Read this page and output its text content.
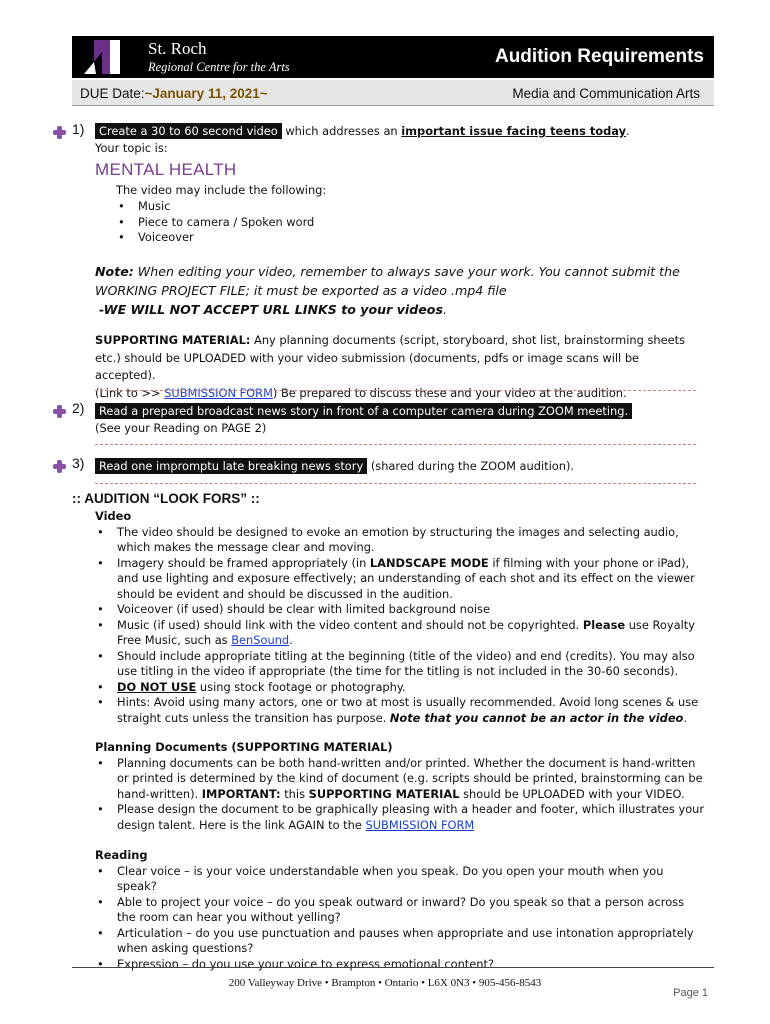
St. Roch
Regional Centre for the Arts	Audition Requirements
DUE Date:~January 11, 2021~	Media and Communication Arts
1)	Create a 30 to 60 second video which addresses an important issue facing teens today.
Your topic is:
MENTAL HEALTH
The video may include the following:
• Music
• Piece to camera / Spoken word
• Voiceover
Note: When editing your video, remember to always save your work. You cannot submit the WORKING PROJECT FILE; it must be exported as a video .mp4 file
-WE WILL NOT ACCEPT URL LINKS to your videos.
SUPPORTING MATERIAL: Any planning documents (script, storyboard, shot list, brainstorming sheets etc.) should be UPLOADED with your video submission (documents, pdfs or image scans will be accepted).
(Link to >> SUBMISSION FORM) Be prepared to discuss these and your video at the audition.
2)	Read a prepared broadcast news story in front of a computer camera during ZOOM meeting.
(See your Reading on PAGE 2)
3)	Read one impromptu late breaking news story (shared during the ZOOM audition).
:: AUDITION “LOOK FORS” ::
Video
• The video should be designed to evoke an emotion by structuring the images and selecting audio, which makes the message clear and moving.
• Imagery should be framed appropriately (in LANDSCAPE MODE if filming with your phone or iPad), and use lighting and exposure effectively; an understanding of each shot and its effect on the viewer should be evident and should be discussed in the audition.
• Voiceover (if used) should be clear with limited background noise
• Music (if used) should link with the video content and should not be copyrighted. Please use Royalty Free Music, such as BenSound.
• Should include appropriate titling at the beginning (title of the video) and end (credits). You may also use titling in the video if appropriate (the time for the titling is not included in the 30-60 seconds).
• DO NOT USE using stock footage or photography.
• Hints: Avoid using many actors, one or two at most is usually recommended. Avoid long scenes & use straight cuts unless the transition has purpose. Note that you cannot be an actor in the video.
Planning Documents (SUPPORTING MATERIAL)
• Planning documents can be both hand-written and/or printed. Whether the document is hand-written or printed is determined by the kind of document (e.g. scripts should be printed, brainstorming can be hand-written). IMPORTANT: this SUPPORTING MATERIAL should be UPLOADED with your VIDEO.
• Please design the document to be graphically pleasing with a header and footer, which illustrates your design talent. Here is the link AGAIN to the SUBMISSION FORM
Reading
• Clear voice – is your voice understandable when you speak. Do you open your mouth when you speak?
• Able to project your voice – do you speak outward or inward? Do you speak so that a person across the room can hear you without yelling?
• Articulation – do you use punctuation and pauses when appropriate and use intonation appropriately when asking questions?
• Expression – do you use your voice to express emotional content?
200 Valleyway Drive • Brampton • Ontario • L6X 0N3 • 905-456-8543
Page 1
